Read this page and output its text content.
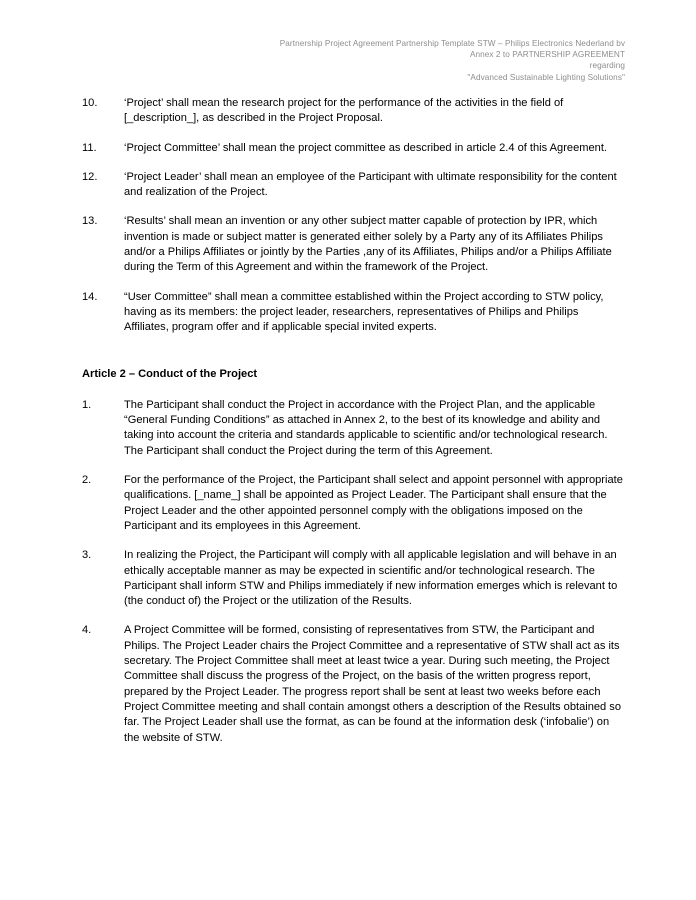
Partnership Project Agreement Partnership Template STW – Philips Electronics Nederland bv
Annex 2 to PARTNERSHIP AGREEMENT
regarding
"Advanced Sustainable Lighting Solutions"
10.	‘Project’ shall mean the research project for the performance of the activities in the field of [_description_], as described in the Project Proposal.
11.	‘Project Committee’ shall mean the project committee as described in article 2.4 of this Agreement.
12.	‘Project Leader’ shall mean an employee of the Participant with ultimate responsibility for the content and realization of the Project.
13.	‘Results’ shall mean an invention or any other subject matter capable of protection by IPR, which invention is made or subject matter is generated either solely by a Party any of its Affiliates Philips and/or a Philips Affiliates or jointly by the Parties ,any of its Affiliates, Philips and/or a Philips Affiliate during the Term of this Agreement and within the framework of the Project.
14.	“User Committee” shall mean a committee established within the Project according to STW policy, having as its members: the project leader, researchers, representatives of Philips and Philips Affiliates, program offer and if applicable special invited experts.
Article 2 – Conduct of the Project
1.	The Participant shall conduct the Project in accordance with the Project Plan, and the applicable “General Funding Conditions” as attached in Annex 2, to the best of its knowledge and ability and taking into account the criteria and standards applicable to scientific and/or technological research. The Participant shall conduct the Project during the term of this Agreement.
2.	For the performance of the Project, the Participant shall select and appoint personnel with appropriate qualifications. [_name_] shall be appointed as Project Leader. The Participant shall ensure that the Project Leader and the other appointed personnel comply with the obligations imposed on the Participant and its employees in this Agreement.
3.	In realizing the Project, the Participant will comply with all applicable legislation and will behave in an ethically acceptable manner as may be expected in scientific and/or technological research. The Participant shall inform STW and Philips immediately if new information emerges which is relevant to (the conduct of) the Project or the utilization of the Results.
4.	A Project Committee will be formed, consisting of representatives from STW, the Participant and Philips. The Project Leader chairs the Project Committee and a representative of STW shall act as its secretary. The Project Committee shall meet at least twice a year. During such meeting, the Project Committee shall discuss the progress of the Project, on the basis of the written progress report, prepared by the Project Leader. The progress report shall be sent at least two weeks before each Project Committee meeting and shall contain amongst others a description of the Results obtained so far. The Project Leader shall use the format, as can be found at the information desk (‘infobalie’) on the website of STW.
